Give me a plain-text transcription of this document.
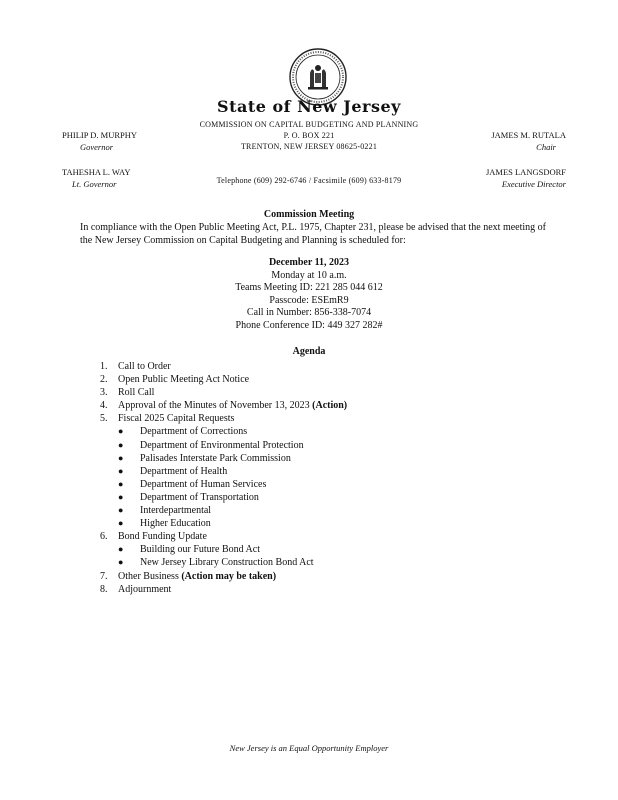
State of New Jersey
COMMISSION ON CAPITAL BUDGETING AND PLANNING
P. O. BOX 221
TRENTON, NEW JERSEY 08625-0221
Telephone (609) 292-6746 / Facsimile (609) 633-8179
PHILIP D. MURPHY
Governor
TAHESHA L. WAY
Lt. Governor
JAMES M. RUTALA
Chair
JAMES LANGSDORF
Executive Director
Commission Meeting
In compliance with the Open Public Meeting Act, P.L. 1975, Chapter 231, please be advised that the next meeting of the New Jersey Commission on Capital Budgeting and Planning is scheduled for:
December 11, 2023
Monday at 10 a.m.
Teams Meeting ID: 221 285 044 612
Passcode: ESEmR9
Call in Number: 856-338-7074
Phone Conference ID: 449 327 282#
Agenda
1.	Call to Order
2.	Open Public Meeting Act Notice
3.	Roll Call
4.	Approval of the Minutes of November 13, 2023 (Action)
5.	Fiscal 2025 Capital Requests
●	Department of Corrections
●	Department of Environmental Protection
●	Palisades Interstate Park Commission
●	Department of Health
●	Department of Human Services
●	Department of Transportation
●	Interdepartmental
●	Higher Education
6.	Bond Funding Update
●	Building our Future Bond Act
●	New Jersey Library Construction Bond Act
7.	Other Business (Action may be taken)
8.	Adjournment
New Jersey is an Equal Opportunity Employer
